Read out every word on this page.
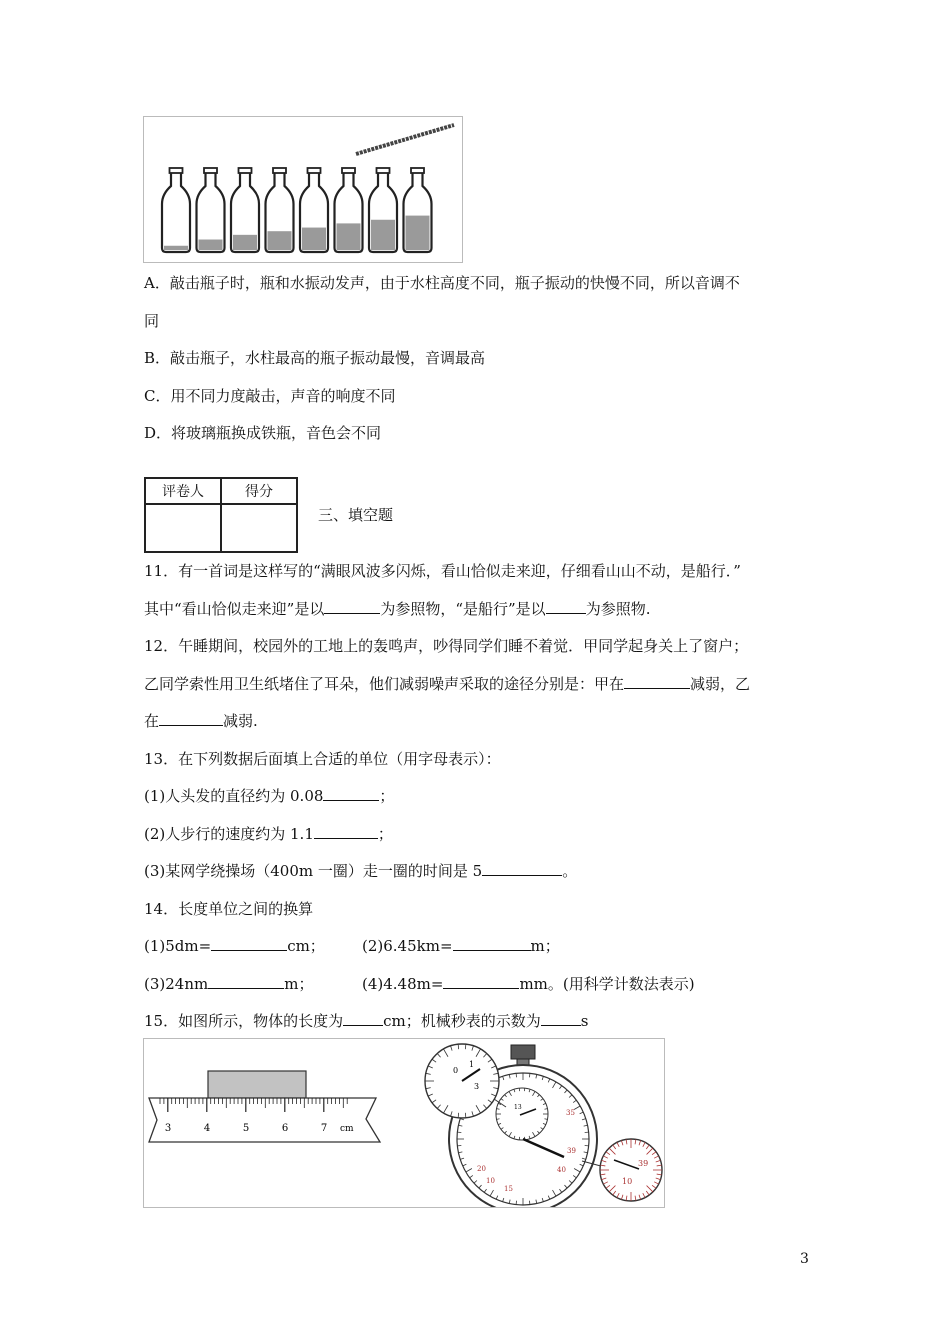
A．敲击瓶子时，瓶和水振动发声，由于水柱高度不同，瓶子振动的快慢不同，所以音调不
同
B．敲击瓶子，水柱最高的瓶子振动最慢，音调最高
C．用不同力度敲击，声音的响度不同
D．将玻璃瓶换成铁瓶，音色会不同
评卷人	得分

三、填空题
11．有一首词是这样写的“满眼风波多闪烁，看山恰似走来迎，仔细看山山不动，是船行．”
其中“看山恰似走来迎”是以	为参照物，“是船行”是以	为参照物.
12．午睡期间，校园外的工地上的轰鸣声，吵得同学们睡不着觉．甲同学起身关上了窗户；
乙同学索性用卫生纸堵住了耳朵，他们减弱噪声采取的途径分别是：甲在	减弱，乙
在	减弱.
13．在下列数据后面填上合适的单位（用字母表示）：
(1)人头发的直径约为 0.08	；
(2)人步行的速度约为 1.1	；
(3)某网学绕操场（400m 一圈）走一圈的时间是 5	。
14．长度单位之间的换算
(1)5dm=	cm； (2)6.45km=	m；
(3)24nm	m；	(4)4.48m=	mm。(用科学计数法表示)
15．如图所示，物体的长度为	cm；机械秒表的示数为	s
3	4	5	6	7 cm
35
39
40
20
15
10
13
0
1
3
39
10
3
